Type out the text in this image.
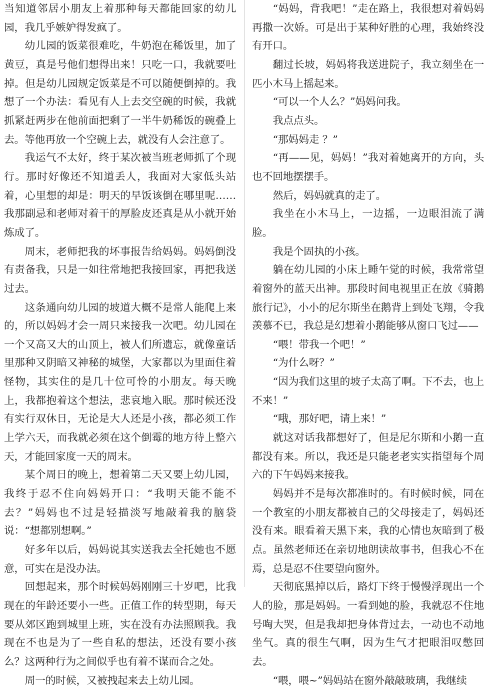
当知道邻居小朋友上着那种每天都能回家的幼儿园，我几乎嫉妒得发疯了。

幼儿园的饭菜很难吃，牛奶泡在稀饭里，加了黄豆，真是号他们想得出来！只吃一口，我就要吐掉。但是幼儿园规定饭菜是不可以随便倒掉的。我想了一个办法：看见有人上去交空碗的时候，我就抓紧赶两步在他前面把剩了一半牛奶稀饭的碗叠上去。等他再放一个空碗上去，就没有人会注意了。

我运气不太好，终于某次被当班老师抓了个现行。那时好像还不知道丢人，我面对大家低头站着，心里想的却是：明天的早饭该倒在哪里呢……我那副忌和老师对着干的厚脸皮还真是从小就开始炼成了。

周末，老师把我的坏事报告给妈妈。妈妈倒没有责备我，只是一如往常地把我接回家，再把我送过去。

这条通向幼儿园的坡道大概不是常人能爬上来的，所以妈妈才会一周只来接我一次吧。幼儿园在一个又高又大的山顶上，被人们所遗忘，就像童话里那种又阴暗又神秘的城堡，大家都以为里面住着怪物，其实住的是几十位可怜的小朋友。每天晚上，我都抱着这个想法，悲哀地入眠。那时候还没有实行双休日，无论是大人还是小孩，都必须工作上学六天，而我就必须在这个倒霉的地方待上整六天，才能回家度一天的周末。

某个周日的晚上，想着第二天又要上幼儿园，我终于忍不住向妈妈开口：“我明天能不能不去？”妈妈也不过是轻描淡写地敲着我的脑袋说：“想都别想啊。”

好多年以后，妈妈说其实送我去全托她也不愿意，可实在是没办法。

回想起来，那个时候妈妈刚刚三十岁吧，比我现在的年龄还要小一些。正值工作的转型期，每天要从郊区跑到城里上班，实在没有办法照顾我。我现在不也是为了一些自私的想法，还没有要小孩么？这两种行为之间似乎也有着不谋而合之处。

周一的时候，又被拽起来去上幼儿园。

“妈妈，背我吧！”走在路上，我很想对着妈妈再撒一次娇。可是出于某种好胜的心理，我始终没有开口。

翻过长坡，妈妈将我送进院子，我立刻坐在一匹小木马上摇起来。

“可以一个人么？”妈妈问我。

我点点头。

“那妈妈走 ？”

“再——见，妈妈！”我对着她离开的方向，头也不回地摆摆手。

然后，妈妈就真的走了。

我坐在小木马上，一边摇，一边眼泪流了满脸。

我是个固执的小孩。

躺在幼儿园的小床上睡午觉的时候，我常常望着窗外的蓝天出神。那段时间电视里正在放《骑鹅旅行记》，小小的尼尔斯坐在鹅背上到处飞翔，令我羡慕不已，我总是幻想着小鹅能够从窗口飞过——

“喂！带我一个吧！”

“为什么呀？”

“因为我们这里的坡子太高了啊。下不去，也上不来！”

“哦，那好吧，请上来！”

就这对话我都想好了，但是尼尔斯和小鹅一直都没有来。所以，我还是只能老老实实指望每个周六的下午妈妈来接我。

妈妈并不是每次都准时的。有时候时候，同在一个教室的小朋友都被自己的父母接走了，妈妈还没有来。眼看着天黑下来，我的心情也灰暗到了极点。虽然老师还在亲切地朗读故事书，但我心不在焉，总是忍不住要望向窗外。

天彻底黑掉以后，路灯下终于慢慢浮现出一个人的脸，那是妈妈。一看到她的脸，我就忍不住地号啕大哭，但是我却把身体背过去，一动也不动地坐气。真的很生气啊，因为生气才把眼泪叹憋回去。

“喂，喂~”妈妈站在窗外敲敲玻璃，我继续
